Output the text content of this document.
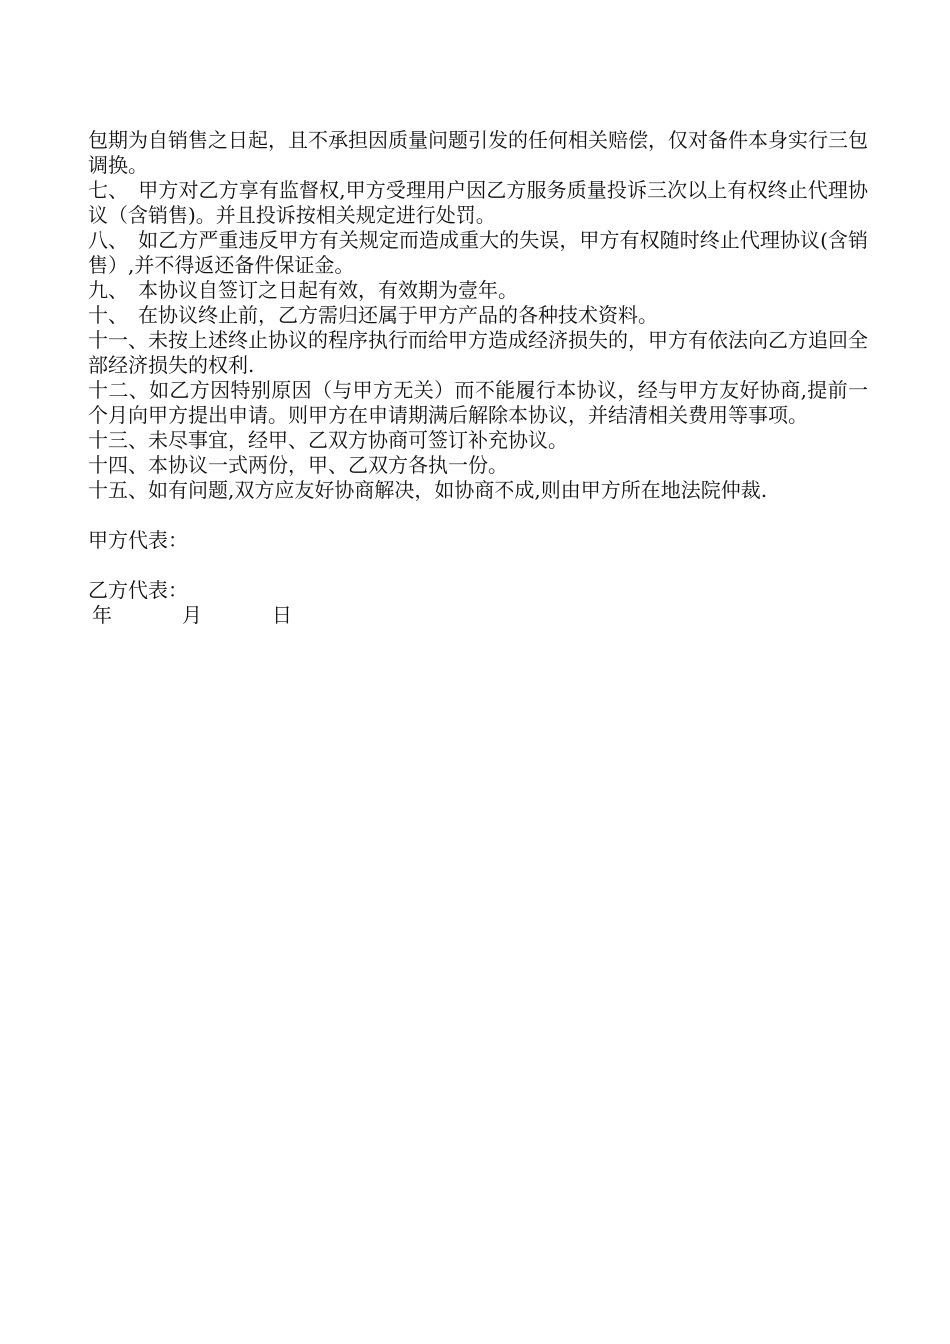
包期为自销售之日起，且不承担因质量问题引发的任何相关赔偿，仅对备件本身实行三包调换。

七、　甲方对乙方享有监督权,甲方受理用户因乙方服务质量投诉三次以上有权终止代理协议（含销售)。并且投诉按相关规定进行处罚。

八、　如乙方严重违反甲方有关规定而造成重大的失误，甲方有权随时终止代理协议(含销售）,并不得返还备件保证金。

九、　本协议自签订之日起有效，有效期为壹年。

十、　在协议终止前，乙方需归还属于甲方产品的各种技术资料。

十一、未按上述终止协议的程序执行而给甲方造成经济损失的，甲方有依法向乙方追回全部经济损失的权利.

十二、如乙方因特别原因（与甲方无关）而不能履行本协议，经与甲方友好协商,提前一个月向甲方提出申请。则甲方在申请期满后解除本协议，并结清相关费用等事项。

十三、未尽事宜，经甲、乙双方协商可签订补充协议。

十四、本协议一式两份，甲、乙双方各执一份。

十五、如有问题,双方应友好协商解决，如协商不成,则由甲方所在地法院仲裁.

甲方代表：

乙方代表：

年	月	日
